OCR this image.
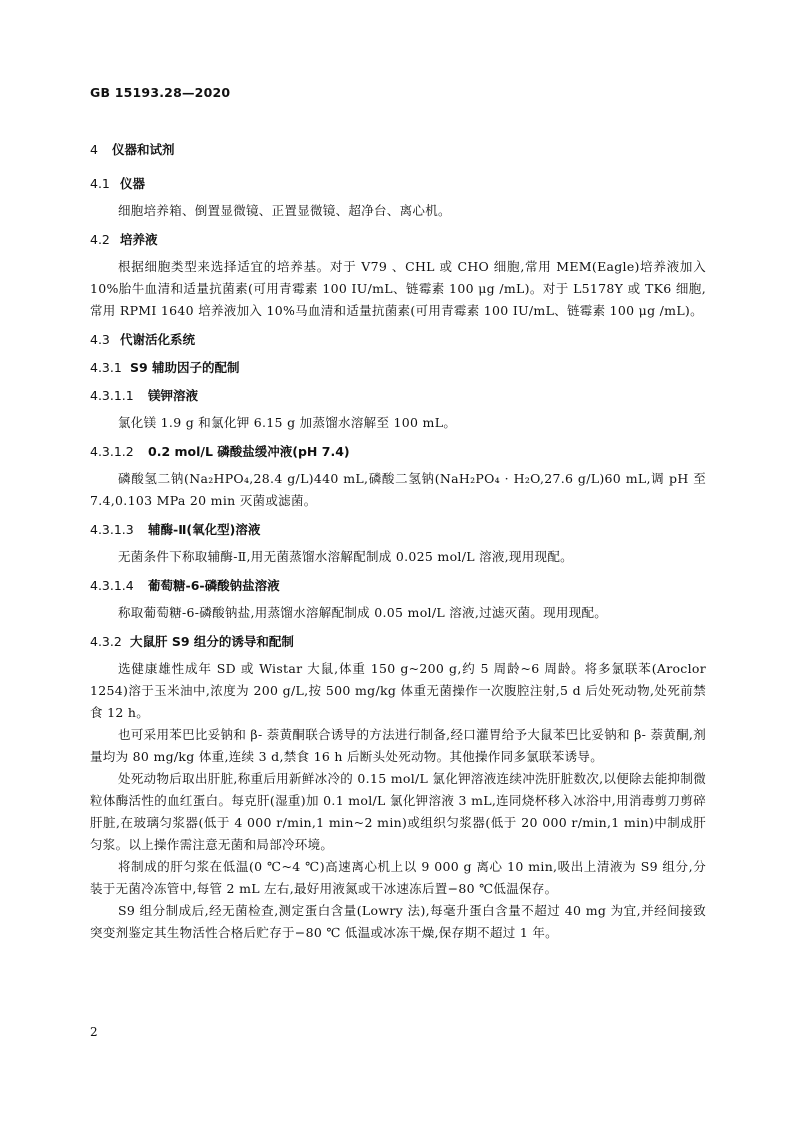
GB 15193.28—2020
4 仪器和试剂
4.1 仪器

细胞培养箱、倒置显微镜、正置显微镜、超净台、离心机。

4.2 培养液

根据细胞类型来选择适宜的培养基。对于 V79 、CHL 或 CHO 细胞,常用 MEM(Eagle)培养液加入 10%胎牛血清和适量抗菌素(可用青霉素 100 IU/mL、链霉素 100 μg /mL)。对于 L5178Y 或 TK6 细胞,常用 RPMI 1640 培养液加入 10%马血清和适量抗菌素(可用青霉素 100 IU/mL、链霉素 100 μg /mL)。

4.3 代谢活化系统
4.3.1 S9 辅助因子的配制
4.3.1.1 镁钾溶液

氯化镁 1.9 g 和氯化钾 6.15 g 加蒸馏水溶解至 100 mL。

4.3.1.2 0.2 mol/L 磷酸盐缓冲液(pH 7.4)

磷酸氢二钠(Na₂HPO₄,28.4 g/L)440 mL,磷酸二氢钠(NaH₂PO₄ · H₂O,27.6 g/L)60 mL,调 pH 至 7.4,0.103 MPa 20 min 灭菌或滤菌。

4.3.1.3 辅酶-Ⅱ(氧化型)溶液

无菌条件下称取辅酶-Ⅱ,用无菌蒸馏水溶解配制成 0.025 mol/L 溶液,现用现配。

4.3.1.4 葡萄糖-6-磷酸钠盐溶液

称取葡萄糖-6-磷酸钠盐,用蒸馏水溶解配制成 0.05 mol/L 溶液,过滤灭菌。现用现配。

4.3.2 大鼠肝 S9 组分的诱导和配制

选健康雄性成年 SD 或 Wistar 大鼠,体重 150 g~200 g,约 5 周龄~6 周龄。将多氯联苯(Aroclor 1254)溶于玉米油中,浓度为 200 g/L,按 500 mg/kg 体重无菌操作一次腹腔注射,5 d 后处死动物,处死前禁食 12 h。

也可采用苯巴比妥钠和 β- 萘黄酮联合诱导的方法进行制备,经口灌胃给予大鼠苯巴比妥钠和 β- 萘黄酮,剂量均为 80 mg/kg 体重,连续 3 d,禁食 16 h 后断头处死动物。其他操作同多氯联苯诱导。

处死动物后取出肝脏,称重后用新鲜冰冷的 0.15 mol/L 氯化钾溶液连续冲洗肝脏数次,以便除去能抑制微粒体酶活性的血红蛋白。每克肝(湿重)加 0.1 mol/L 氯化钾溶液 3 mL,连同烧杯移入冰浴中,用消毒剪刀剪碎肝脏,在玻璃匀浆器(低于 4 000 r/min,1 min~2 min)或组织匀浆器(低于 20 000 r/min,1 min)中制成肝匀浆。以上操作需注意无菌和局部冷环境。

将制成的肝匀浆在低温(0 ℃~4 ℃)高速离心机上以 9 000 g 离心 10 min,吸出上清液为 S9 组分,分装于无菌冷冻管中,每管 2 mL 左右,最好用液氮或干冰速冻后置−80 ℃低温保存。

S9 组分制成后,经无菌检查,测定蛋白含量(Lowry 法),每毫升蛋白含量不超过 40 mg 为宜,并经间接致突变剂鉴定其生物活性合格后贮存于−80 ℃ 低温或冰冻干燥,保存期不超过 1 年。

2
